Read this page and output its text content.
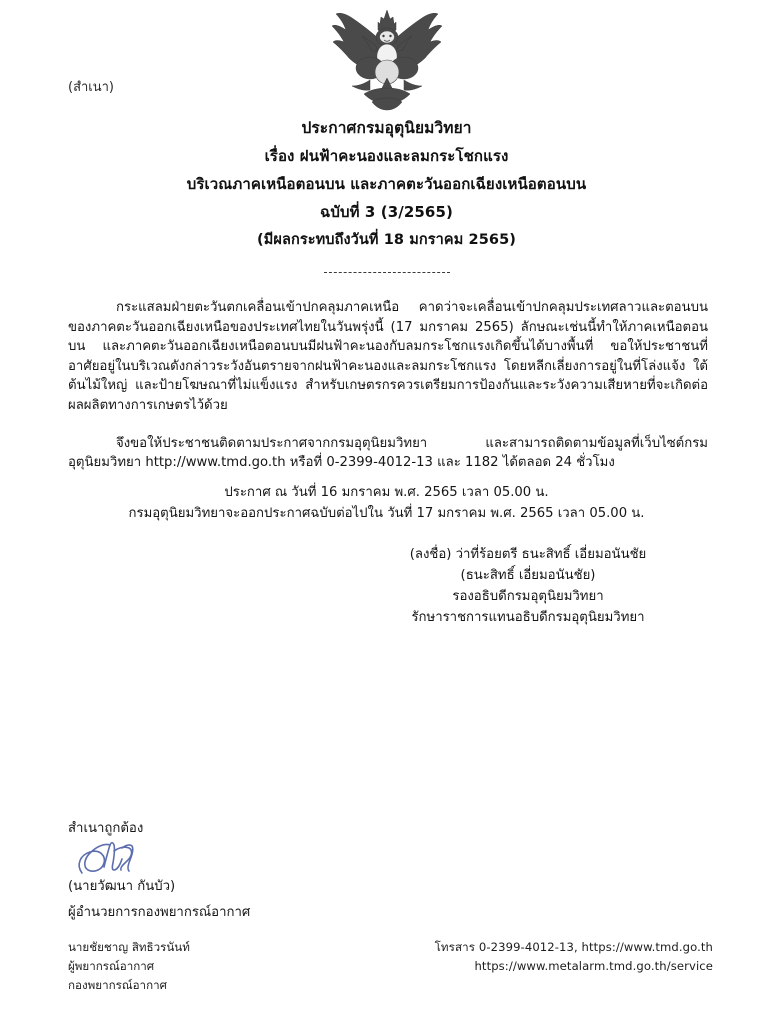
(สำเนา)
ประกาศกรมอุตุนิยมวิทยา
เรื่อง ฝนฟ้าคะนองและลมกระโชกแรง
บริเวณภาคเหนือตอนบน และภาคตะวันออกเฉียงเหนือตอนบน
ฉบับที่ 3 (3/2565)
(มีผลกระทบถึงวันที่ 18 มกราคม 2565)

กระแสลมฝ่ายตะวันตกเคลื่อนเข้าปกคลุมภาคเหนือ คาดว่าจะเคลื่อนเข้าปกคลุมประเทศลาวและตอนบนของภาคตะวันออกเฉียงเหนือของประเทศไทยในวันพรุ่งนี้ (17 มกราคม 2565) ลักษณะเช่นนี้ทำให้ภาคเหนือตอนบน และภาคตะวันออกเฉียงเหนือตอนบนมีฝนฟ้าคะนองกับลมกระโชกแรงเกิดขึ้นได้บางพื้นที่ ขอให้ประชาชนที่อาศัยอยู่ในบริเวณดังกล่าวระวังอันตรายจากฝนฟ้าคะนองและลมกระโชกแรง โดยหลีกเลี่ยงการอยู่ในที่โล่งแจ้ง ใต้ต้นไม้ใหญ่ และป้ายโฆษณาที่ไม่แข็งแรง สำหรับเกษตรกรควรเตรียมการป้องกันและระวังความเสียหายที่จะเกิดต่อผลผลิตทางการเกษตรไว้ด้วย

จึงขอให้ประชาชนติดตามประกาศจากกรมอุตุนิยมวิทยา และสามารถติดตามข้อมูลที่เว็บไซต์กรมอุตุนิยมวิทยา http://www.tmd.go.th หรือที่ 0-2399-4012-13 และ 1182 ได้ตลอด 24 ชั่วโมง

ประกาศ ณ วันที่ 16 มกราคม พ.ศ. 2565 เวลา 05.00 น.
กรมอุตุนิยมวิทยาจะออกประกาศฉบับต่อไปใน วันที่ 17 มกราคม พ.ศ. 2565 เวลา 05.00 น.
(ลงชื่อ) ว่าที่ร้อยตรี ธนะสิทธิ์ เอี่ยมอนันชัย
(ธนะสิทธิ์ เอี่ยมอนันชัย)
รองอธิบดีกรมอุตุนิยมวิทยา
รักษาราชการแทนอธิบดีกรมอุตุนิยมวิทยา
สำเนาถูกต้อง
(นายวัฒนา กันบัว)
ผู้อำนวยการกองพยากรณ์อากาศ
นายชัยชาญ สิทธิวรนันท์
ผู้พยากรณ์อากาศ
กองพยากรณ์อากาศ
โทรสาร 0-2399-4012-13, https://www.tmd.go.th
https://www.metalarm.tmd.go.th/service
